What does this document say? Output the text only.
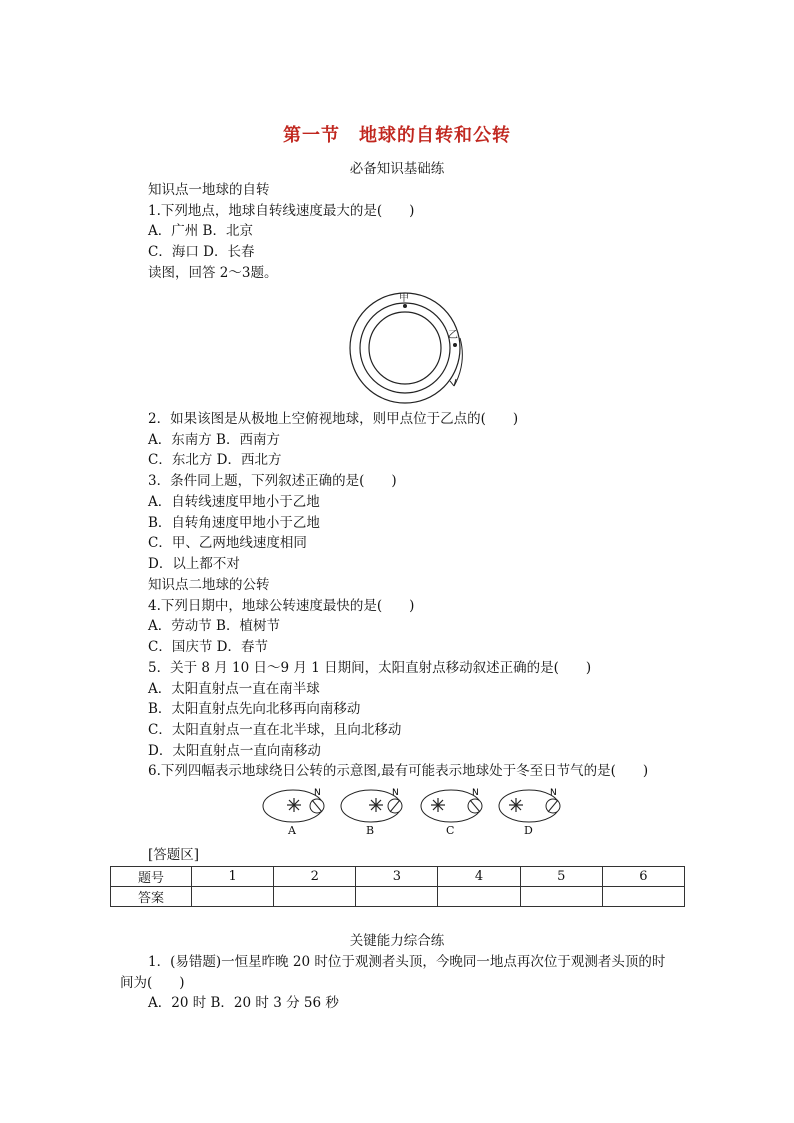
第一节　地球的自转和公转
必备知识基础练
知识点一地球的自转
1.下列地点，地球自转线速度最大的是(　　)
A．广州 B．北京
C．海口 D．长春
读图，回答 2～3题。
甲
乙
2．如果该图是从极地上空俯视地球，则甲点位于乙点的(　　)
A．东南方 B．西南方
C．东北方 D．西北方
3．条件同上题，下列叙述正确的是(　　)
A．自转线速度甲地小于乙地
B．自转角速度甲地小于乙地
C．甲、乙两地线速度相同
D．以上都不对
知识点二地球的公转
4.下列日期中，地球公转速度最快的是(　　)
A．劳动节 B．植树节
C．国庆节 D．春节
5．关于 8 月 10 日～9 月 1 日期间，太阳直射点移动叙述正确的是(　　)
A．太阳直射点一直在南半球
B．太阳直射点先向北移再向南移动
C．太阳直射点一直在北半球，且向北移动
D．太阳直射点一直向南移动
6.下列四幅表示地球绕日公转的示意图,最有可能表示地球处于冬至日节气的是(　　)
N	N	N	N
A	B	C	D
[答题区]
题号	1	2	3	4	5	6
答案						
关键能力综合练
1．(易错题)一恒星昨晚 20 时位于观测者头顶，今晚同一地点再次位于观测者头顶的时
间为(　　)
A．20 时 B．20 时 3 分 56 秒
